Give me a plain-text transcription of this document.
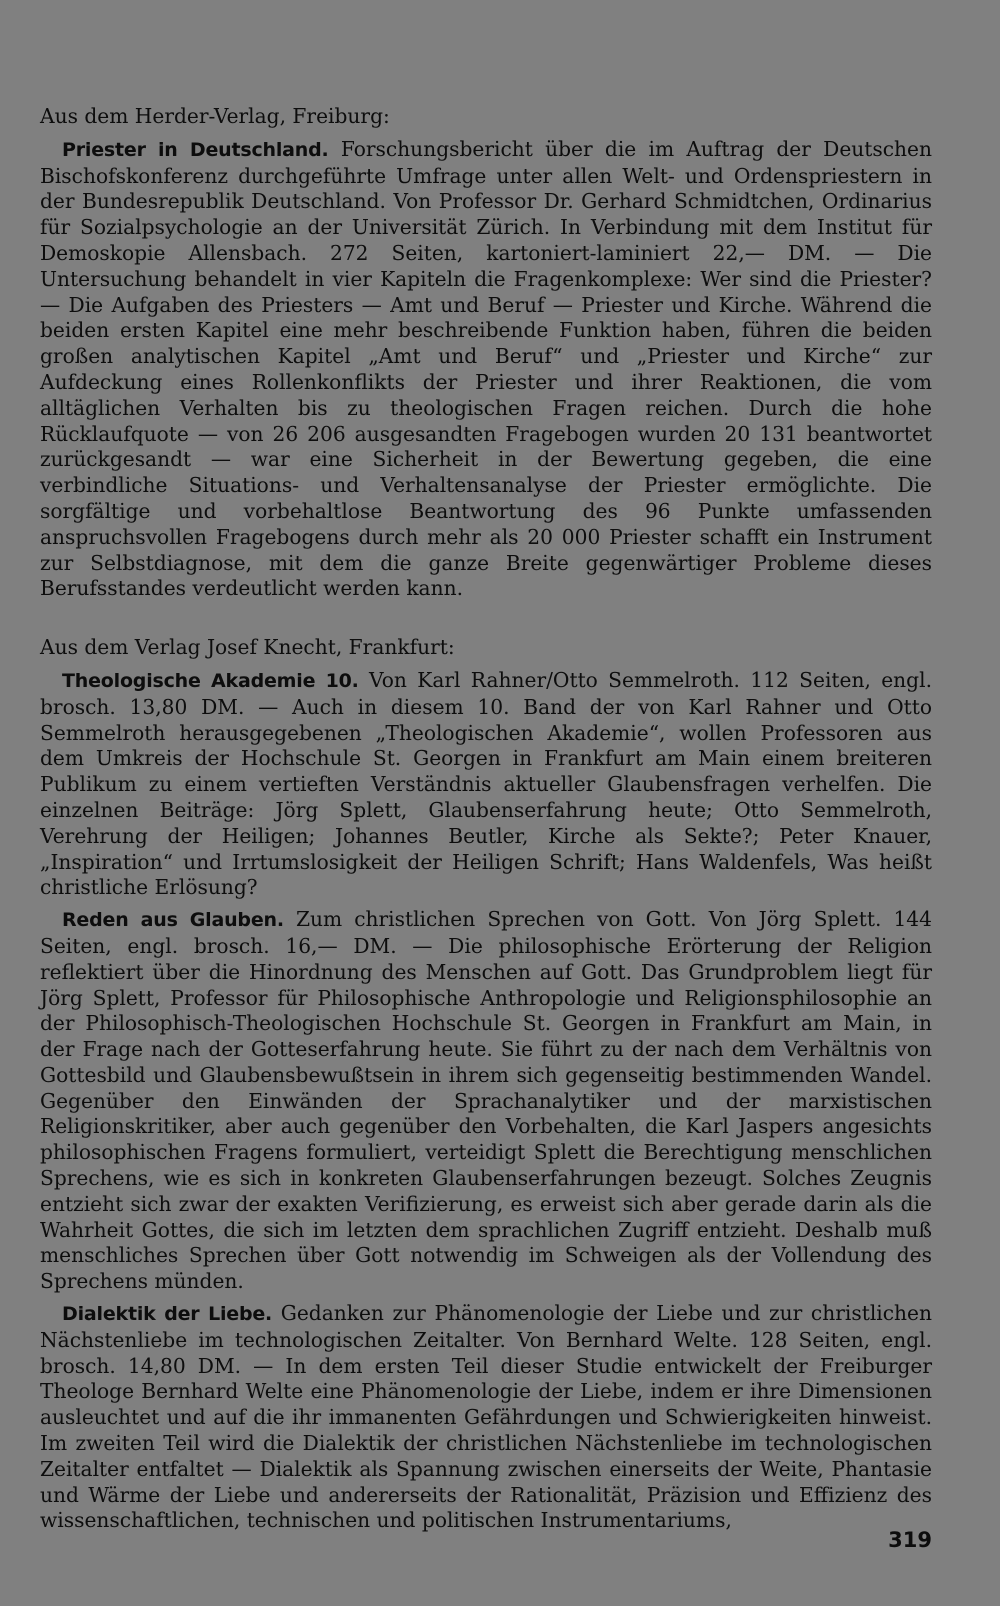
Aus dem Herder-Verlag, Freiburg:

Priester in Deutschland. Forschungsbericht über die im Auftrag der Deutschen Bischofskonferenz durchgeführte Umfrage unter allen Welt- und Ordenspriestern in der Bundesrepublik Deutschland. Von Professor Dr. Gerhard Schmidtchen, Ordinarius für Sozialpsychologie an der Universität Zürich. In Verbindung mit dem Institut für Demoskopie Allensbach. 272 Seiten, kartoniert-laminiert 22,— DM. — Die Untersuchung behandelt in vier Kapiteln die Fragenkomplexe: Wer sind die Priester? — Die Aufgaben des Priesters — Amt und Beruf — Priester und Kirche. Während die beiden ersten Kapitel eine mehr beschreibende Funktion haben, führen die beiden großen analytischen Kapitel „Amt und Beruf“ und „Priester und Kirche“ zur Aufdeckung eines Rollenkonflikts der Priester und ihrer Reaktionen, die vom alltäglichen Verhalten bis zu theologischen Fragen reichen. Durch die hohe Rücklaufquote — von 26 206 ausgesandten Fragebogen wurden 20 131 beantwortet zurückgesandt — war eine Sicherheit in der Bewertung gegeben, die eine verbindliche Situations- und Verhaltensanalyse der Priester ermöglichte. Die sorgfältige und vorbehaltlose Beantwortung des 96 Punkte umfassenden anspruchsvollen Fragebogens durch mehr als 20 000 Priester schafft ein Instrument zur Selbstdiagnose, mit dem die ganze Breite gegenwärtiger Probleme dieses Berufsstandes verdeutlicht werden kann.

Aus dem Verlag Josef Knecht, Frankfurt:

Theologische Akademie 10. Von Karl Rahner/Otto Semmelroth. 112 Seiten, engl. brosch. 13,80 DM. — Auch in diesem 10. Band der von Karl Rahner und Otto Semmelroth herausgegebenen „Theologischen Akademie“, wollen Professoren aus dem Umkreis der Hochschule St. Georgen in Frankfurt am Main einem breiteren Publikum zu einem vertieften Verständnis aktueller Glaubensfragen verhelfen. Die einzelnen Beiträge: Jörg Splett, Glaubenserfahrung heute; Otto Semmelroth, Verehrung der Heiligen; Johannes Beutler, Kirche als Sekte?; Peter Knauer, „Inspiration“ und Irrtumslosigkeit der Heiligen Schrift; Hans Waldenfels, Was heißt christliche Erlösung?

Reden aus Glauben. Zum christlichen Sprechen von Gott. Von Jörg Splett. 144 Seiten, engl. brosch. 16,— DM. — Die philosophische Erörterung der Religion reflektiert über die Hinordnung des Menschen auf Gott. Das Grundproblem liegt für Jörg Splett, Professor für Philosophische Anthropologie und Religionsphilosophie an der Philosophisch-Theologischen Hochschule St. Georgen in Frankfurt am Main, in der Frage nach der Gotteserfahrung heute. Sie führt zu der nach dem Verhältnis von Gottesbild und Glaubensbewußtsein in ihrem sich gegenseitig bestimmenden Wandel. Gegenüber den Einwänden der Sprachanalytiker und der marxistischen Religionskritiker, aber auch gegenüber den Vorbehalten, die Karl Jaspers angesichts philosophischen Fragens formuliert, verteidigt Splett die Berechtigung menschlichen Sprechens, wie es sich in konkreten Glaubenserfahrungen bezeugt. Solches Zeugnis entzieht sich zwar der exakten Verifizierung, es erweist sich aber gerade darin als die Wahrheit Gottes, die sich im letzten dem sprachlichen Zugriff entzieht. Deshalb muß menschliches Sprechen über Gott notwendig im Schweigen als der Vollendung des Sprechens münden.

Dialektik der Liebe. Gedanken zur Phänomenologie der Liebe und zur christlichen Nächstenliebe im technologischen Zeitalter. Von Bernhard Welte. 128 Seiten, engl. brosch. 14,80 DM. — In dem ersten Teil dieser Studie entwickelt der Freiburger Theologe Bernhard Welte eine Phänomenologie der Liebe, indem er ihre Dimensionen ausleuchtet und auf die ihr immanenten Gefährdungen und Schwierigkeiten hinweist. Im zweiten Teil wird die Dialektik der christlichen Nächstenliebe im technologischen Zeitalter entfaltet — Dialektik als Spannung zwischen einerseits der Weite, Phantasie und Wärme der Liebe und andererseits der Rationalität, Präzision und Effizienz des wissenschaftlichen, technischen und politischen Instrumentariums,

319
